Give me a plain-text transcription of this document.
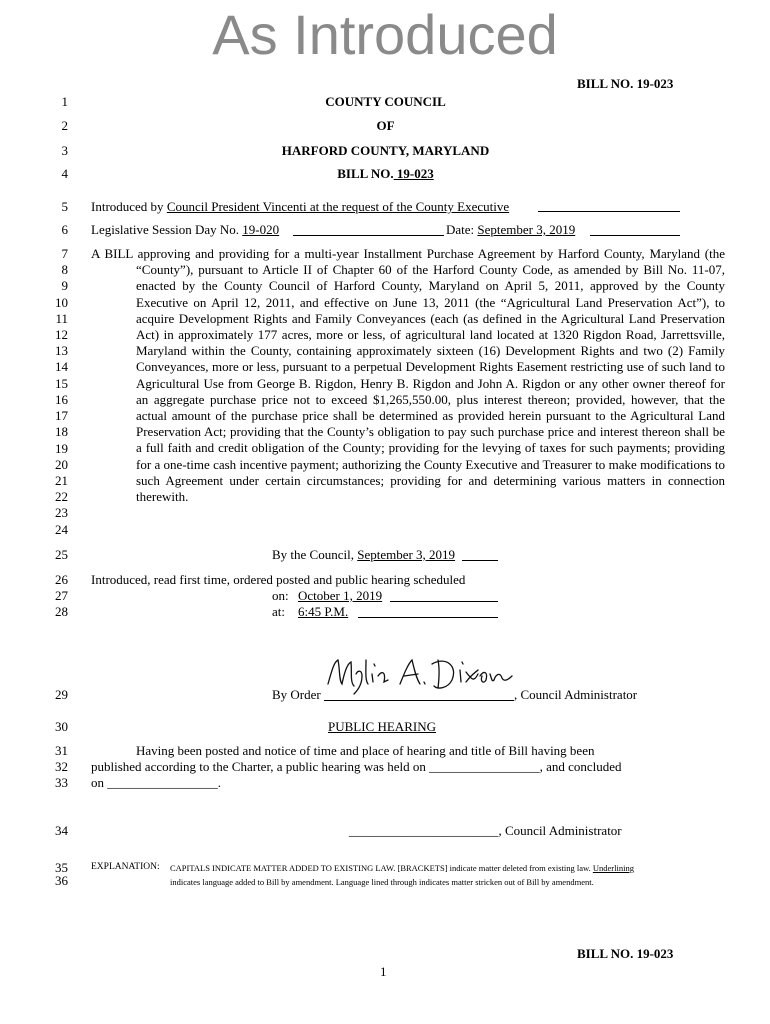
As Introduced
BILL NO. 19-023
1
2
3
4
5
6
7
8
9
10
11
12
13
14
15
16
17
18
19
20
21
22
23
24
25
26
27
28
29
30
31
32
33
34
35
36
COUNTY COUNCIL
OF
HARFORD COUNTY, MARYLAND
BILL NO. 19-023
Introduced by Council President Vincenti at the request of the County Executive
Legislative Session Day No. 19-020	Date: September 3, 2019
A BILL approving and providing for a multi-year Installment Purchase Agreement by Harford County, Maryland (the “County”), pursuant to Article II of Chapter 60 of the Harford County Code, as amended by Bill No. 11-07, enacted by the County Council of Harford County, Maryland on April 5, 2011, approved by the County Executive on April 12, 2011, and effective on June 13, 2011 (the “Agricultural Land Preservation Act”), to acquire Development Rights and Family Conveyances (each (as defined in the Agricultural Land Preservation Act) in approximately 177 acres, more or less, of agricultural land located at 1320 Rigdon Road, Jarrettsville, Maryland within the County, containing approximately sixteen (16) Development Rights and two (2) Family Conveyances, more or less, pursuant to a perpetual Development Rights Easement restricting use of such land to Agricultural Use from George B. Rigdon, Henry B. Rigdon and John A. Rigdon or any other owner thereof for an aggregate purchase price not to exceed $1,265,550.00, plus interest thereon; provided, however, that the actual amount of the purchase price shall be determined as provided herein pursuant to the Agricultural Land Preservation Act; providing that the County’s obligation to pay such purchase price and interest thereon shall be a full faith and credit obligation of the County; providing for the levying of taxes for such payments; providing for a one-time cash incentive payment; authorizing the County Executive and Treasurer to make modifications to such Agreement under certain circumstances; providing for and determining various matters in connection therewith.
By the Council, September 3, 2019
Introduced, read first time, ordered posted and public hearing scheduled
on: October 1, 2019
at: 6:45 P.M.
By Order	, Council Administrator
PUBLIC HEARING
Having been posted and notice of time and place of hearing and title of Bill having been
published according to the Charter, a public hearing was held on _________________, and concluded
on _________________.
_______________________, Council Administrator
EXPLANATION: CAPITALS INDICATE MATTER ADDED TO EXISTING LAW. [BRACKETS] indicate matter deleted from existing law. Underlining
indicates language added to Bill by amendment. Language lined through indicates matter stricken out of Bill by amendment.
BILL NO. 19-023
1
